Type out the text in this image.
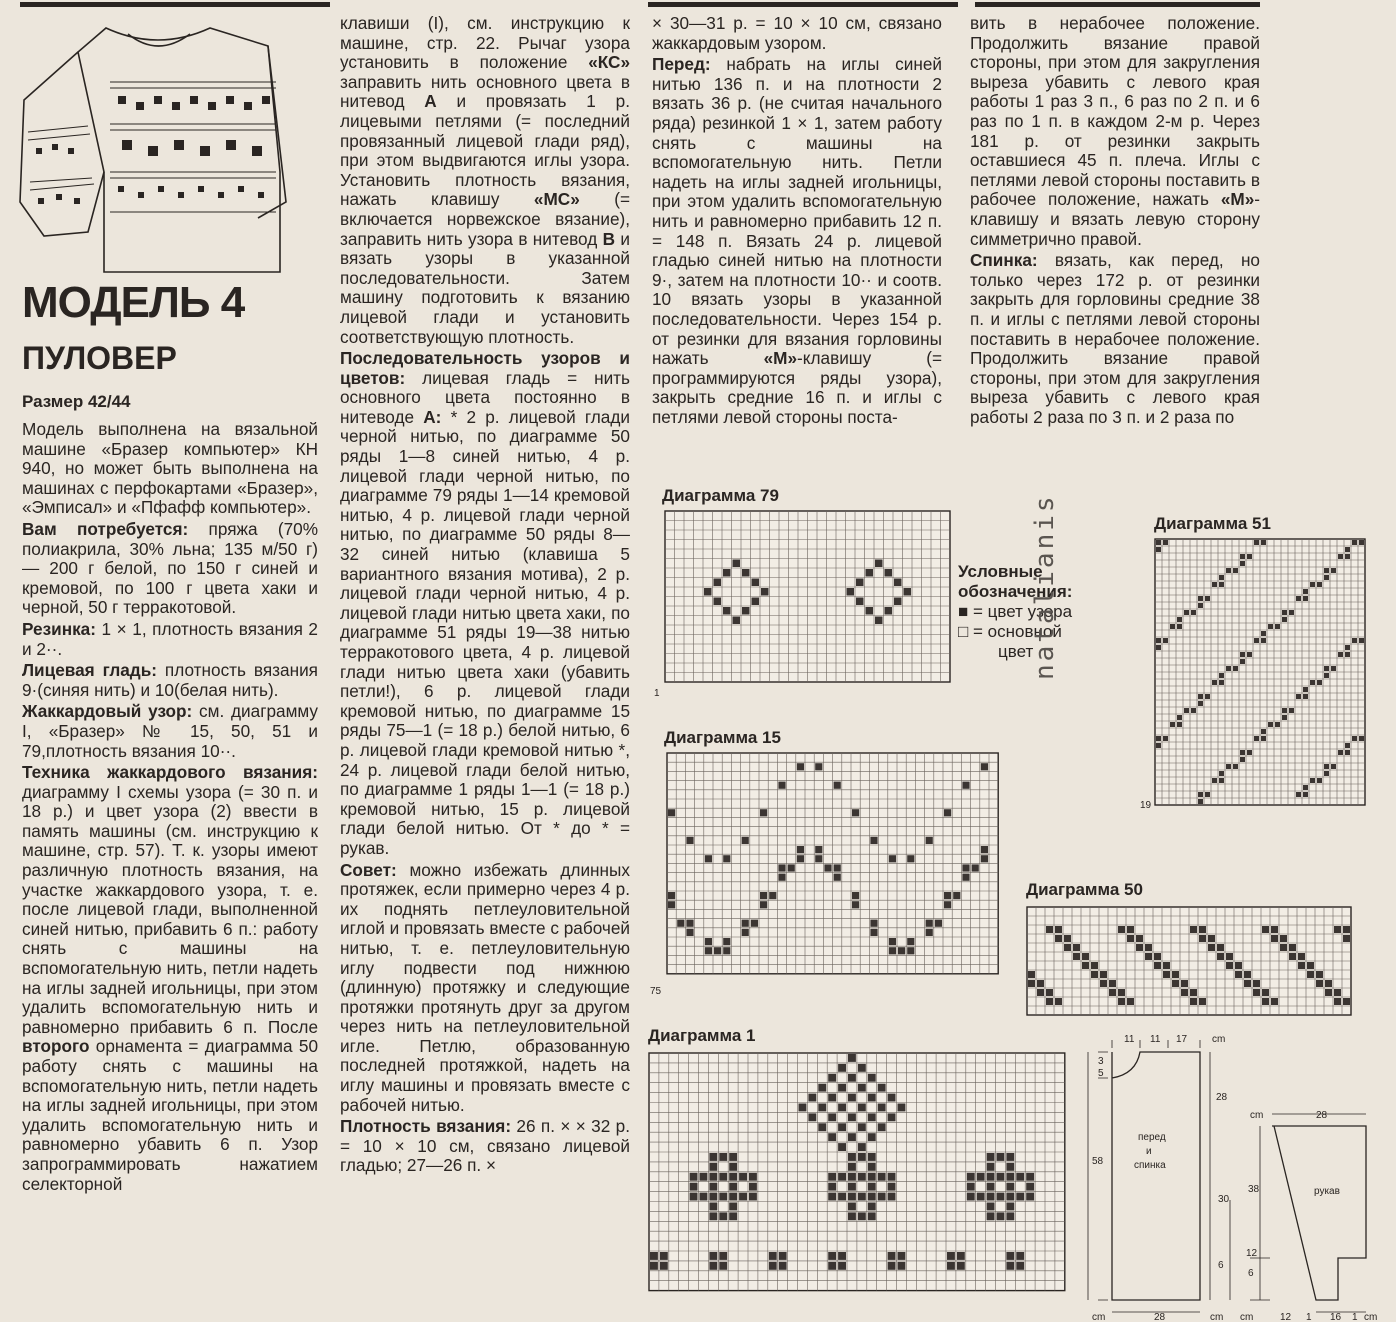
МОДЕЛЬ 4
ПУЛОВЕР
Размер 42/44

Модель выполнена на вязальной машине «Бразер компьютер» КН 940, но может быть выполнена на машинах с перфокартами «Бразер», «Эмписал» и «Пфафф компьютер».

Вам потребуется: пряжа (70% полиакрила, 30% льна; 135 м/50 г) — 200 г белой, по 150 г синей и кремовой, по 100 г цвета хаки и черной, 50 г терракотовой.

Резинка: 1 × 1, плотность вязания 2 и 2··.

Лицевая гладь: плотность вязания 9·(синяя нить) и 10(белая нить).

Жаккардовый узор: см. диаграмму I, «Бразер» № 15, 50, 51 и 79,плотность вязания 10··.

Техника жаккардового вязания: диаграмму I схемы узора (= 30 п. и 18 р.) и цвет узора (2) ввести в память машины (см. инструкцию к машине, стр. 57). Т. к. узоры имеют различную плотность вязания, на участке жаккардового узора, т. е. после лицевой глади, выполненной синей нитью, прибавить 6 п.: работу снять с машины на вспомогательную нить, петли надеть на иглы задней игольницы, при этом удалить вспомогательную нить и равномерно прибавить 6 п. После второго орнамента = диаграмма 50 работу снять с машины на вспомогательную нить, петли надеть на иглы задней игольницы, при этом удалить вспомогательную нить и равномерно убавить 6 п. Узор запрограммировать нажатием селекторной

клавиши (I), см. инструкцию к машине, стр. 22. Рычаг узора установить в положение «КС» заправить нить основного цвета в нитевод А и провязать 1 р. лицевыми петлями (= последний провязанный лицевой глади ряд), при этом выдвигаются иглы узора. Установить плотность вязания, нажать клавишу «МС» (= включается норвежское вязание), заправить нить узора в нитевод В и вязать узоры в указанной последовательности. Затем машину подготовить к вязанию лицевой глади и установить соответствующую плотность.

Последовательность узоров и цветов: лицевая гладь = нить основного цвета постоянно в нитеводе А: * 2 р. лицевой глади черной нитью, по диаграмме 50 ряды 1—8 синей нитью, 4 р. лицевой глади черной нитью, по диаграмме 79 ряды 1—14 кремовой нитью, 4 р. лицевой глади черной нитью, по диаграмме 50 ряды 8—32 синей нитью (клавиша 5 вариантного вязания мотива), 2 р. лицевой глади черной нитью, 4 р. лицевой глади нитью цвета хаки, по диаграмме 51 ряды 19—38 нитью терракотового цвета, 4 р. лицевой глади нитью цвета хаки (убавить петли!), 6 р. лицевой глади кремовой нитью, по диаграмме 15 ряды 75—1 (= 18 р.) белой нитью, 6 р. лицевой глади кремовой нитью *, 24 р. лицевой глади белой нитью, по диаграмме 1 ряды 1—1 (= 18 р.) кремовой нитью, 15 р. лицевой глади белой нитью. От * до * = рукав.

Совет: можно избежать длинных протяжек, если примерно через 4 р. их поднять петлеуловительной иглой и провязать вместе с рабочей нитью, т. е. петлеуловительную иглу подвести под нижнюю (длинную) протяжку и следующие протяжки протянуть друг за другом через нить на петлеуловительной игле. Петлю, образованную последней протяжкой, надеть на иглу машины и провязать вместе с рабочей нитью.

Плотность вязания: 26 п. × × 32 р. = 10 × 10 см, связано лицевой гладью; 27—26 п. ×

× 30—31 р. = 10 × 10 см, связано жаккардовым узором.

Перед: набрать на иглы синей нитью 136 п. и на плотности 2 вязать 36 р. (не считая начального ряда) резинкой 1 × 1, затем работу снять с машины на вспомогательную нить. Петли надеть на иглы задней игольницы, при этом удалить вспомогательную нить и равномерно прибавить 12 п. = 148 п. Вязать 24 р. лицевой гладью синей нитью на плотности 9·, затем на плотности 10·· и соотв. 10 вязать узоры в указанной последовательности. Через 154 р. от резинки для вязания горловины нажать «М»-клавишу (= программируются ряды узора), закрыть средние 16 п. и иглы с петлями левой стороны поста-

вить в нерабочее положение. Продолжить вязание правой стороны, при этом для закругления выреза убавить с левого края работы 1 раз 3 п., 6 раз по 2 п. и 6 раз по 1 п. в каждом 2-м р. Через 181 р. от резинки закрыть оставшиеся 45 п. плеча. Иглы с петлями левой стороны поставить в рабочее положение, нажать «М»-клавишу и вязать левую сторону симметрично правой.

Спинка: вязать, как перед, но только через 172 р. от резинки закрыть для горловины средние 38 п. и иглы с петлями левой стороны поставить в нерабочее положение. Продолжить вязание правой стороны, при этом для закругления выреза убавить с левого края работы 2 раза по 3 п. и 2 раза по

Диаграмма 79
Диаграмма 15
Диаграмма 51
Диаграмма 50
Диаграмма 1
1
75
19
Условные обозначения:
■ = цвет узора
□ = основной
цвет
natalianis
11 11 17 cm
3
5
28
58
30
6
перед
и
спинка
рукав
cm	28	cm
cm	28
38
12
6
cm	12 1 16 1 cm
